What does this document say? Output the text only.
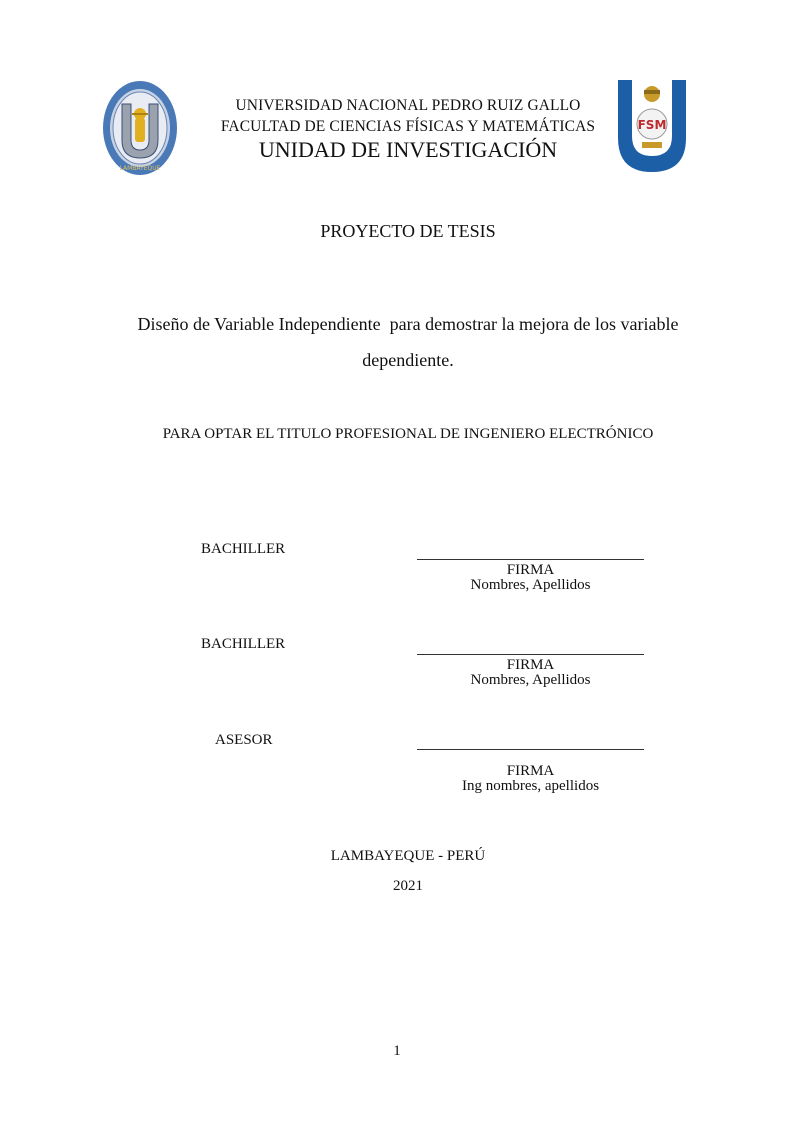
LAMBAYEQUE
UNIVERSIDAD NACIONAL PEDRO RUIZ GALLO
FACULTAD DE CIENCIAS FÍSICAS Y MATEMÁTICAS
UNIDAD DE INVESTIGACIÓN
FSM
PROYECTO DE TESIS
Diseño de Variable Independiente  para demostrar la mejora de los variable
dependiente.
PARA OPTAR EL TITULO PROFESIONAL DE INGENIERO ELECTRÓNICO
BACHILLER
FIRMA
Nombres, Apellidos
BACHILLER
FIRMA
Nombres, Apellidos
ASESOR
FIRMA
Ing nombres, apellidos
LAMBAYEQUE - PERÚ
2021
1
